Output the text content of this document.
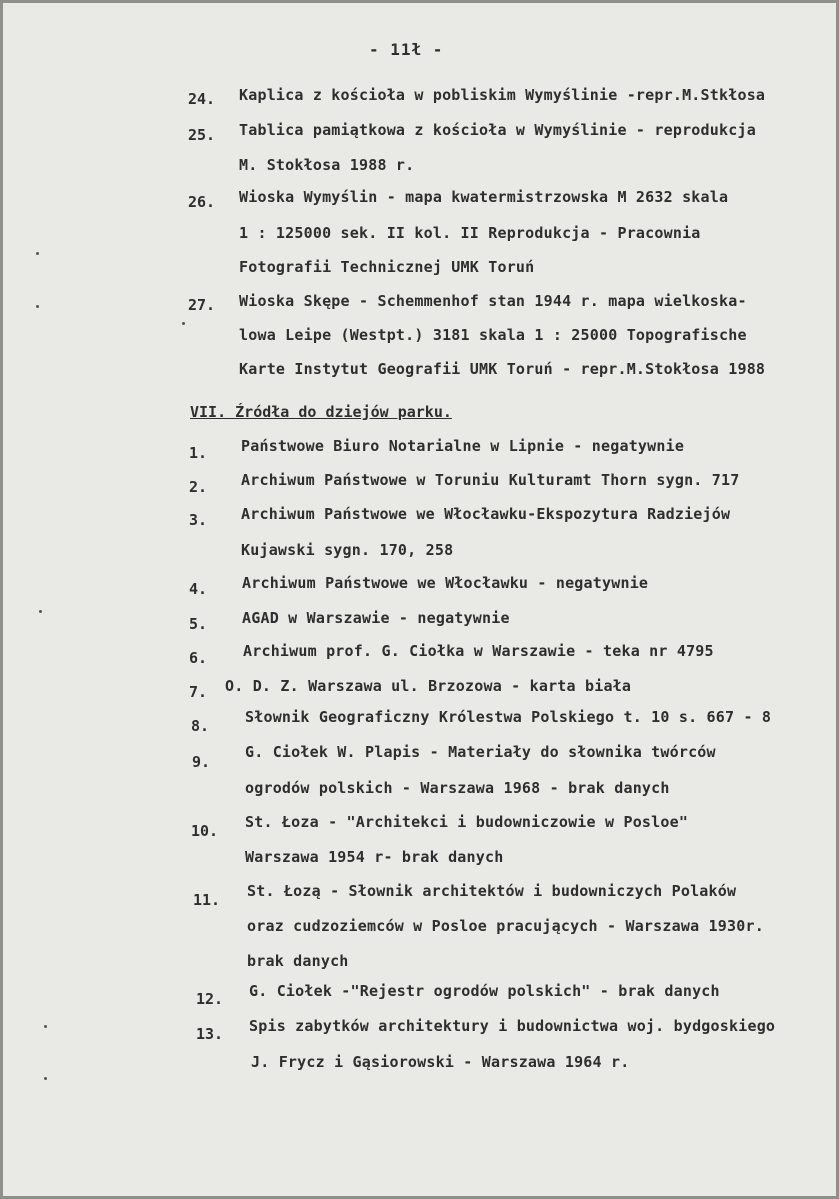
- 11ł -
24. Kaplica z kościoła w pobliskim Wymyślinie -repr.M.Stkłosa
25. Tablica pamiątkowa z kościoła w Wymyślinie - reprodukcja
M. Stokłosa 1988 r.
26. Wioska Wymyślin - mapa kwatermistrzowska M 2632 skala
1 : 125000 sek. II kol. II Reprodukcja - Pracownia
Fotografii Technicznej UMK Toruń
27. Wioska Skępe - Schemmenhof stan 1944 r. mapa wielkoska-
lowa Leipe (Westpt.) 3181 skala 1 : 25000 Topografische
Karte Instytut Geografii UMK Toruń - repr.M.Stokłosa 1988
VII. Źródła do dziejów parku.
1. Państwowe Biuro Notarialne w Lipnie - negatywnie
2. Archiwum Państwowe w Toruniu Kulturamt Thorn sygn. 717
3. Archiwum Państwowe we Włocławku-Ekspozytura Radziejów
Kujawski sygn. 170, 258
4. Archiwum Państwowe we Włocławku - negatywnie
5. AGAD w Warszawie - negatywnie
6. Archiwum prof. G. Ciołka w Warszawie - teka nr 4795
7. O. D. Z. Warszawa ul. Brzozowa - karta biała
8. Słownik Geograficzny Królestwa Polskiego t. 10 s. 667 - 8
9.
G. Ciołek W. Plapis - Materiały do słownika twórców
ogrodów polskich - Warszawa 1968 - brak danych
10. St. Łoza - "Architekci i budowniczowie w Posloe"
Warszawa 1954 r- brak danych
11. St. Łozą - Słownik architektów i budowniczych Polaków
oraz cudzoziemców w Posloe pracujących - Warszawa 1930r.
brak danych
12. G. Ciołek -"Rejestr ogrodów polskich" - brak danych
13. Spis zabytków architektury i budownictwa woj. bydgoskiego
J. Frycz i Gąsiorowski - Warszawa 1964 r.
